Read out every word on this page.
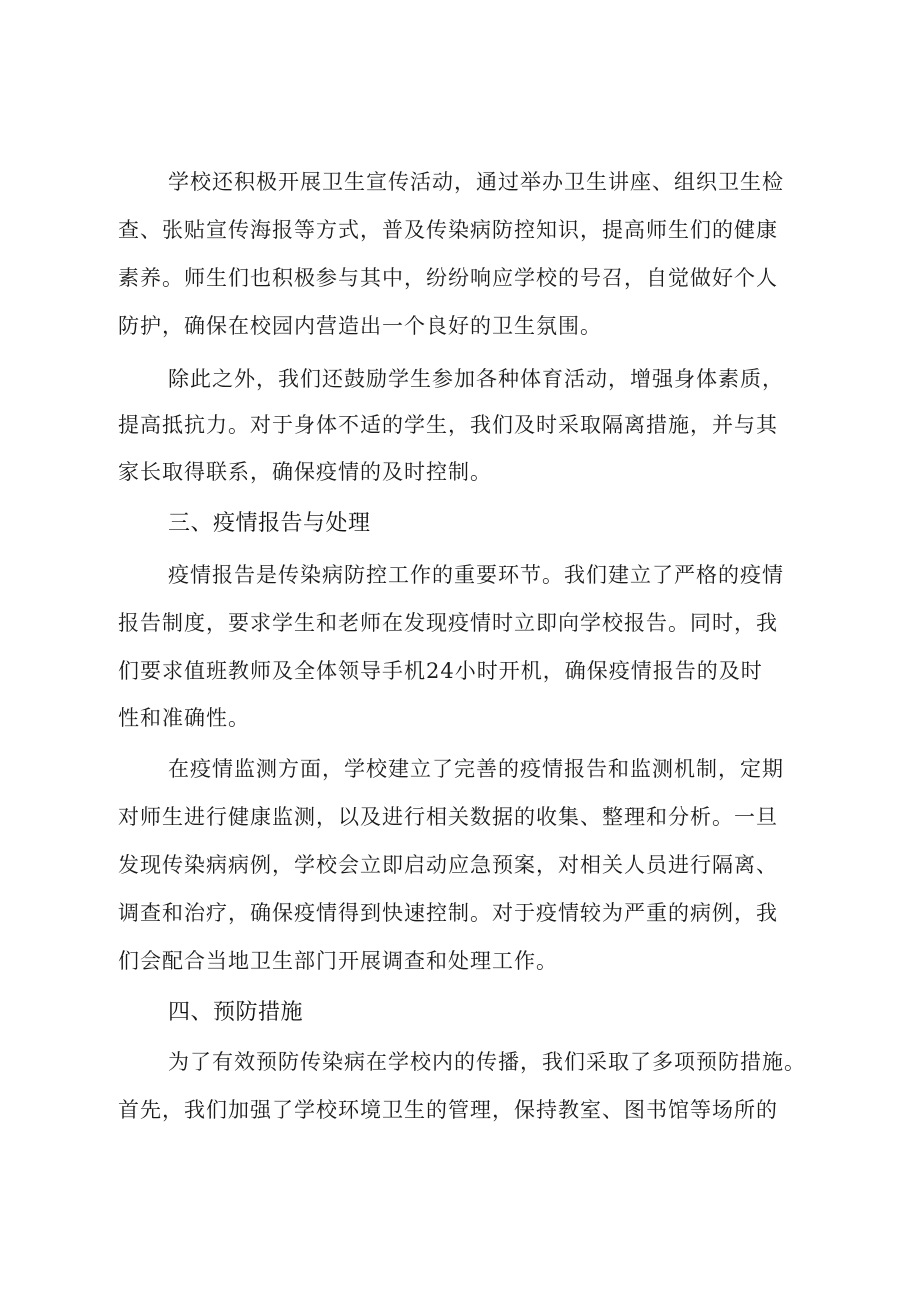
学校还积极开展卫生宣传活动，通过举办卫生讲座、组织卫生检

查、张贴宣传海报等方式，普及传染病防控知识，提高师生们的健康

素养。师生们也积极参与其中，纷纷响应学校的号召，自觉做好个人

防护，确保在校园内营造出一个良好的卫生氛围。

除此之外，我们还鼓励学生参加各种体育活动，增强身体素质，

提高抵抗力。对于身体不适的学生，我们及时采取隔离措施，并与其

家长取得联系，确保疫情的及时控制。

三、疫情报告与处理

疫情报告是传染病防控工作的重要环节。我们建立了严格的疫情

报告制度，要求学生和老师在发现疫情时立即向学校报告。同时，我

们要求值班教师及全体领导手机24小时开机，确保疫情报告的及时

性和准确性。

在疫情监测方面，学校建立了完善的疫情报告和监测机制，定期

对师生进行健康监测，以及进行相关数据的收集、整理和分析。一旦

发现传染病病例，学校会立即启动应急预案，对相关人员进行隔离、

调查和治疗，确保疫情得到快速控制。对于疫情较为严重的病例，我

们会配合当地卫生部门开展调查和处理工作。

四、预防措施

为了有效预防传染病在学校内的传播，我们采取了多项预防措施。

首先，我们加强了学校环境卫生的管理，保持教室、图书馆等场所的
